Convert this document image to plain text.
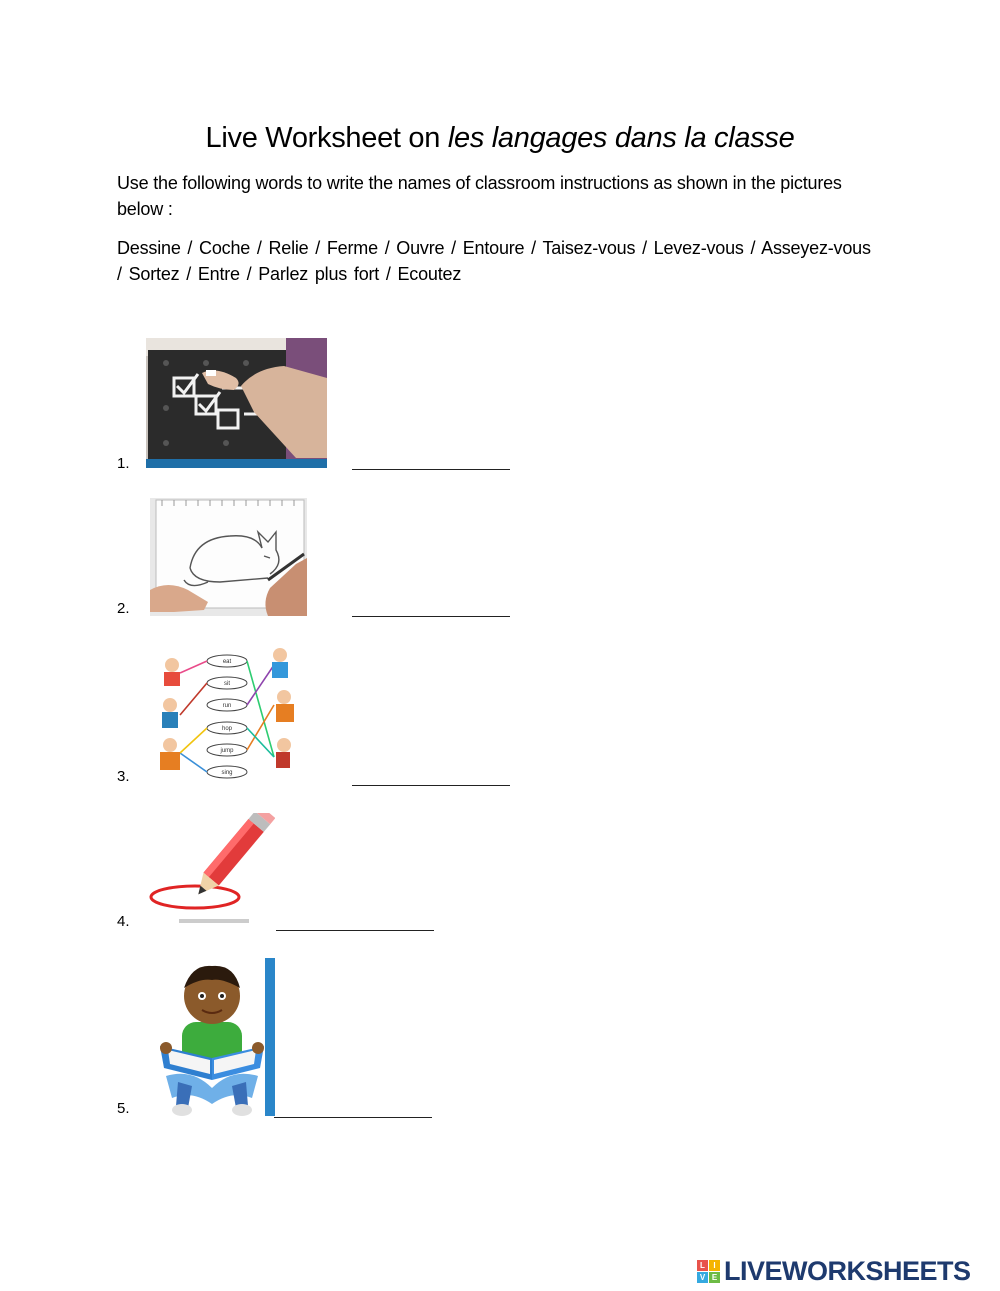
Live Worksheet on les langages dans la classe
Use the following words to write the names of classroom instructions as shown in the pictures below :
Dessine / Coche / Relie / Ferme / Ouvre / Entoure / Taisez-vous / Levez-vous / Asseyez-vous / Sortez / Entre / Parlez plus fort / Ecoutez
1.
2.
3.
eat
sit
run
hop
jump
sing
4.
5.
L	I
V E LIVEWORKSHEETS
